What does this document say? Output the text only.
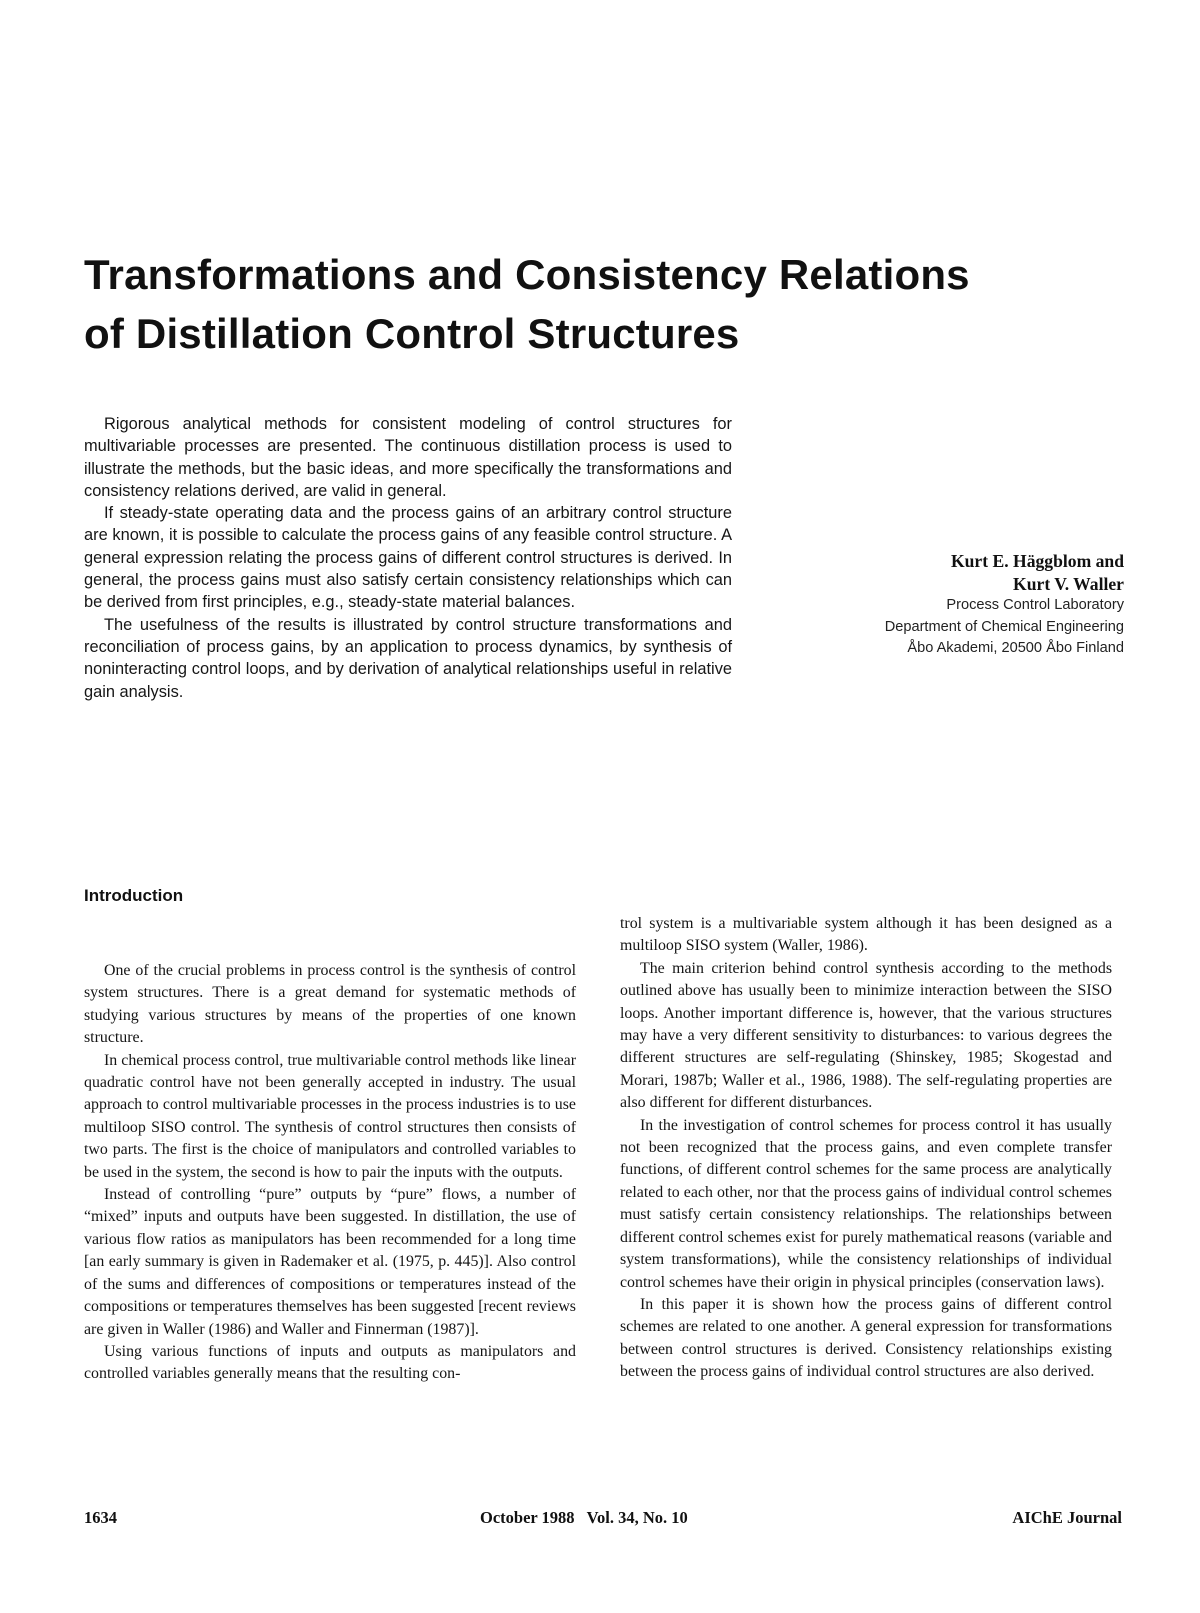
Transformations and Consistency Relations
of Distillation Control Structures

Rigorous analytical methods for consistent modeling of control structures for multivariable processes are presented. The continuous distillation process is used to illustrate the methods, but the basic ideas, and more specifically the transformations and consistency relations derived, are valid in general.

If steady-state operating data and the process gains of an arbitrary control structure are known, it is possible to calculate the process gains of any feasible control structure. A general expression relating the process gains of different control structures is derived. In general, the process gains must also satisfy certain consistency relationships which can be derived from first principles, e.g., steady-state material balances.

The usefulness of the results is illustrated by control structure transformations and reconciliation of process gains, by an application to process dynamics, by synthesis of noninteracting control loops, and by derivation of analytical relationships useful in relative gain analysis.

Kurt E. Häggblom and
Kurt V. Waller
Process Control Laboratory
Department of Chemical Engineering
Åbo Akademi, 20500 Åbo Finland
Introduction

One of the crucial problems in process control is the synthesis of control system structures. There is a great demand for systematic methods of studying various structures by means of the properties of one known structure.

In chemical process control, true multivariable control methods like linear quadratic control have not been generally accepted in industry. The usual approach to control multivariable processes in the process industries is to use multiloop SISO control. The synthesis of control structures then consists of two parts. The first is the choice of manipulators and controlled variables to be used in the system, the second is how to pair the inputs with the outputs.

Instead of controlling “pure” outputs by “pure” flows, a number of “mixed” inputs and outputs have been suggested. In distillation, the use of various flow ratios as manipulators has been recommended for a long time [an early summary is given in Rademaker et al. (1975, p. 445)]. Also control of the sums and differences of compositions or temperatures instead of the compositions or temperatures themselves has been suggested [recent reviews are given in Waller (1986) and Waller and Finnerman (1987)].

Using various functions of inputs and outputs as manipulators and controlled variables generally means that the resulting con-

trol system is a multivariable system although it has been designed as a multiloop SISO system (Waller, 1986).

The main criterion behind control synthesis according to the methods outlined above has usually been to minimize interaction between the SISO loops. Another important difference is, however, that the various structures may have a very different sensitivity to disturbances: to various degrees the different structures are self-regulating (Shinskey, 1985; Skogestad and Morari, 1987b; Waller et al., 1986, 1988). The self-regulating properties are also different for different disturbances.

In the investigation of control schemes for process control it has usually not been recognized that the process gains, and even complete transfer functions, of different control schemes for the same process are analytically related to each other, nor that the process gains of individual control schemes must satisfy certain consistency relationships. The relationships between different control schemes exist for purely mathematical reasons (variable and system transformations), while the consistency relationships of individual control schemes have their origin in physical principles (conservation laws).

In this paper it is shown how the process gains of different control schemes are related to one another. A general expression for transformations between control structures is derived. Consistency relationships existing between the process gains of individual control structures are also derived.

1634	October 1988   Vol. 34, No. 10	AIChE Journal
